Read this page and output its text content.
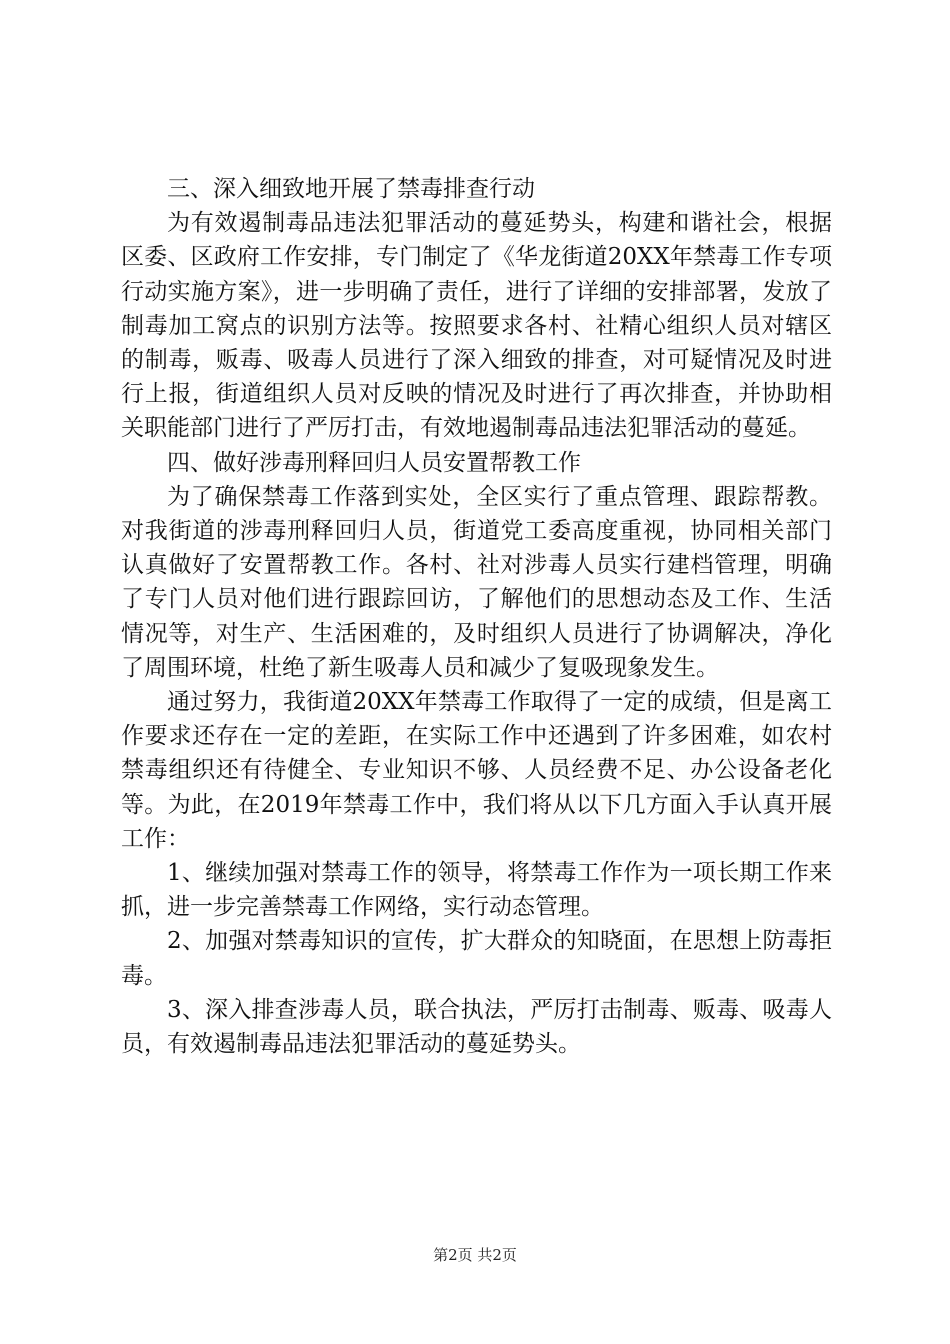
三、深入细致地开展了禁毒排查行动

为有效遏制毒品违法犯罪活动的蔓延势头，构建和谐社会，根据区委、区政府工作安排，专门制定了《华龙街道20XX年禁毒工作专项行动实施方案》，进一步明确了责任，进行了详细的安排部署，发放了制毒加工窝点的识别方法等。按照要求各村、社精心组织人员对辖区的制毒，贩毒、吸毒人员进行了深入细致的排查，对可疑情况及时进行上报，街道组织人员对反映的情况及时进行了再次排查，并协助相关职能部门进行了严厉打击，有效地遏制毒品违法犯罪活动的蔓延。

四、做好涉毒刑释回归人员安置帮教工作

为了确保禁毒工作落到实处，全区实行了重点管理、跟踪帮教。对我街道的涉毒刑释回归人员，街道党工委高度重视，协同相关部门认真做好了安置帮教工作。各村、社对涉毒人员实行建档管理，明确了专门人员对他们进行跟踪回访，了解他们的思想动态及工作、生活情况等，对生产、生活困难的，及时组织人员进行了协调解决，净化了周围环境，杜绝了新生吸毒人员和减少了复吸现象发生。

通过努力，我街道20XX年禁毒工作取得了一定的成绩，但是离工作要求还存在一定的差距，在实际工作中还遇到了许多困难，如农村禁毒组织还有待健全、专业知识不够、人员经费不足、办公设备老化等。为此，在2019年禁毒工作中，我们将从以下几方面入手认真开展工作：

1、继续加强对禁毒工作的领导，将禁毒工作作为一项长期工作来抓，进一步完善禁毒工作网络，实行动态管理。

2、加强对禁毒知识的宣传，扩大群众的知晓面，在思想上防毒拒毒。

3、深入排查涉毒人员，联合执法，严厉打击制毒、贩毒、吸毒人员，有效遏制毒品违法犯罪活动的蔓延势头。

第2页 共2页
